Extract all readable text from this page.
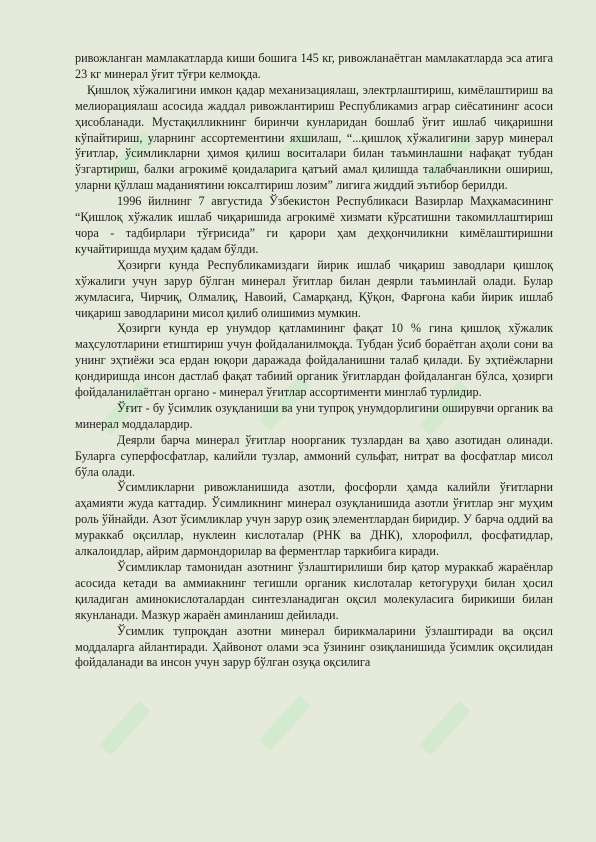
ривожланган мамлакатларда киши бошига 145 кг, ривожланаётган мамлакатларда эса атига 23 кг минерал ўғит тўғри келмоқда.

Қишлоқ хўжалигини имкон қадар механизациялаш, электрлаштириш, кимёлаштириш ва мелиорациялаш асосида жаддал ривожлантириш Республикамиз аграр сиёсатининг асоси ҳисобланади. Мустақилликнинг биринчи кунларидан бошлаб ўғит ишлаб чиқаришни кўпайтириш, уларнинг ассортементини яхшилаш, “...қишлоқ хўжалигини зарур минерал ўғитлар, ўсимликларни ҳимоя қилиш воситалари билан таъминлашни нафақат тубдан ўзгартириш, балки агрокимё қоидаларига қатъий амал қилишда талабчанликни ошириш, уларни қўллаш маданиятини юксалтириш лозим” лигига жиддий эътибор берилди.

1996 йилнинг 7 августида Ўзбекистон Республикаси Вазирлар Маҳкамасининг “Қишлоқ хўжалик ишлаб чиқаришида агрокимё хизмати кўрсатишни такомиллаштириш чора - тадбирлари тўғрисида” ги қарори ҳам деҳқончиликни кимёлаштиришни кучайтиришда муҳим қадам бўлди.

Ҳозирги кунда Республикамиздаги йирик ишлаб чиқариш заводлари қишлоқ хўжалиги учун зарур бўлган минерал ўғитлар билан деярли таъминлай олади. Булар жумласига, Чирчиқ, Олмалиқ, Навоий, Самарқанд, Қўқон, Фарғона каби йирик ишлаб чиқариш заводларини мисол қилиб олишимиз мумкин.

Ҳозирги кунда ер унумдор қатламининг фақат 10 % гина қишлоқ хўжалик маҳсулотларини етиштириш учун фойдаланилмоқда. Тубдан ўсиб бораётган аҳоли сони ва унинг эҳтиёжи эса ердан юқори даражада фойдаланишни талаб қилади. Бу эҳтиёжларни қондиришда инсон дастлаб фақат табиий органик ўғитлардан фойдаланган бўлса, ҳозирги фойдаланилаётган органо - минерал ўғитлар ассортименти минглаб турлидир.

Ўғит - бу ўсимлик озуқланиши ва уни тупроқ унумдорлигини оширувчи органик ва минерал моддалардир.

Деярли барча минерал ўғитлар ноорганик тузлардан ва ҳаво азотидан олинади. Буларга суперфосфатлар, калийли тузлар, аммоний сульфат, нитрат ва фосфатлар мисол бўла олади.

Ўсимликларни ривожланишида азотли, фосфорли ҳамда калийли ўғитларни аҳамияти жуда каттадир. Ўсимликнинг минерал озуқланишида азотли ўғитлар энг муҳим роль ўйнайди. Азот ўсимликлар учун зарур озиқ элементлардан биридир. У барча оддий ва мураккаб оқсиллар, нуклеин кислоталар (РНК ва ДНК), хлорофилл, фосфатидлар, алкалоидлар, айрим дармондорилар ва ферментлар таркибига киради.

Ўсимликлар тамонидан азотнинг ўзлаштирилиши бир қатор мураккаб жараёнлар асосида кетади ва аммиакнинг тегишли органик кислоталар кетогуруҳи билан ҳосил қиладиган аминокислоталардан синтезланадиган оқсил молекуласига бирикиши билан якунланади. Мазкур жараён аминланиш дейилади.

Ўсимлик тупроқдан азотни минерал бирикмаларини ўзлаштиради ва оқсил моддаларга айлантиради. Ҳайвонот олами эса ўзининг озиқланишида ўсимлик оқсилидан фойдаланади ва инсон учун зарур бўлган озуқа оқсилига
